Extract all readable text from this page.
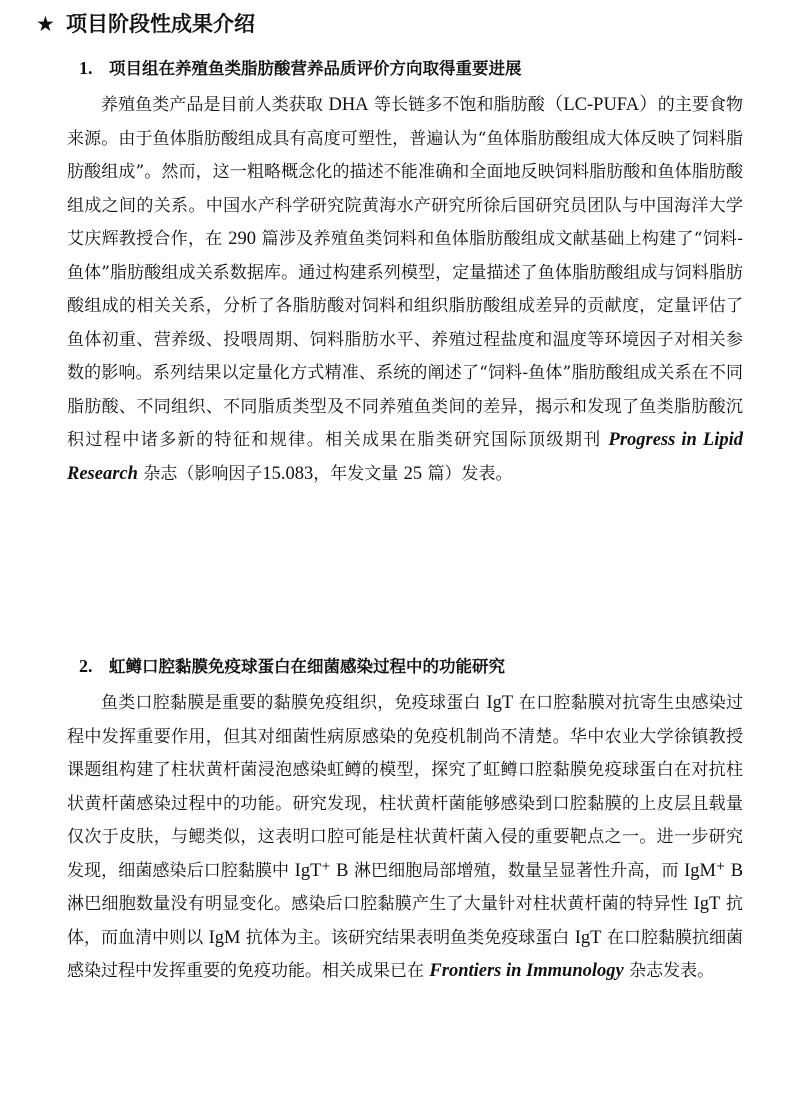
★ 项目阶段性成果介绍
1. 项目组在养殖鱼类脂肪酸营养品质评价方向取得重要进展

养殖鱼类产品是目前人类获取 DHA 等长链多不饱和脂肪酸（LC-PUFA）的主要食物来源。由于鱼体脂肪酸组成具有高度可塑性，普遍认为“鱼体脂肪酸组成大体反映了饲料脂肪酸组成”。然而，这一粗略概念化的描述不能准确和全面地反映饲料脂肪酸和鱼体脂肪酸组成之间的关系。中国水产科学研究院黄海水产研究所徐后国研究员团队与中国海洋大学艾庆辉教授合作，在 290 篇涉及养殖鱼类饲料和鱼体脂肪酸组成文献基础上构建了“饲料-鱼体”脂肪酸组成关系数据库。通过构建系列模型，定量描述了鱼体脂肪酸组成与饲料脂肪酸组成的相关关系，分析了各脂肪酸对饲料和组织脂肪酸组成差异的贡献度，定量评估了鱼体初重、营养级、投喂周期、饲料脂肪水平、养殖过程盐度和温度等环境因子对相关参数的影响。系列结果以定量化方式精准、系统的阐述了“饲料-鱼体”脂肪酸组成关系在不同脂肪酸、不同组织、不同脂质类型及不同养殖鱼类间的差异，揭示和发现了鱼类脂肪酸沉积过程中诸多新的特征和规律。相关成果在脂类研究国际顶级期刊 Progress in Lipid Research 杂志（影响因子15.083，年发文量 25 篇）发表。

2. 虹鳟口腔黏膜免疫球蛋白在细菌感染过程中的功能研究

鱼类口腔黏膜是重要的黏膜免疫组织，免疫球蛋白 IgT 在口腔黏膜对抗寄生虫感染过程中发挥重要作用，但其对细菌性病原感染的免疫机制尚不清楚。华中农业大学徐镇教授课题组构建了柱状黄杆菌浸泡感染虹鳟的模型，探究了虹鳟口腔黏膜免疫球蛋白在对抗柱状黄杆菌感染过程中的功能。研究发现，柱状黄杆菌能够感染到口腔黏膜的上皮层且载量仅次于皮肤，与鳃类似，这表明口腔可能是柱状黄杆菌入侵的重要靶点之一。进一步研究发现，细菌感染后口腔黏膜中 IgT+ B 淋巴细胞局部增殖，数量呈显著性升高，而 IgM+ B 淋巴细胞数量没有明显变化。感染后口腔黏膜产生了大量针对柱状黄杆菌的特异性 IgT 抗体，而血清中则以 IgM 抗体为主。该研究结果表明鱼类免疫球蛋白 IgT 在口腔黏膜抗细菌感染过程中发挥重要的免疫功能。相关成果已在 Frontiers in Immunology 杂志发表。
